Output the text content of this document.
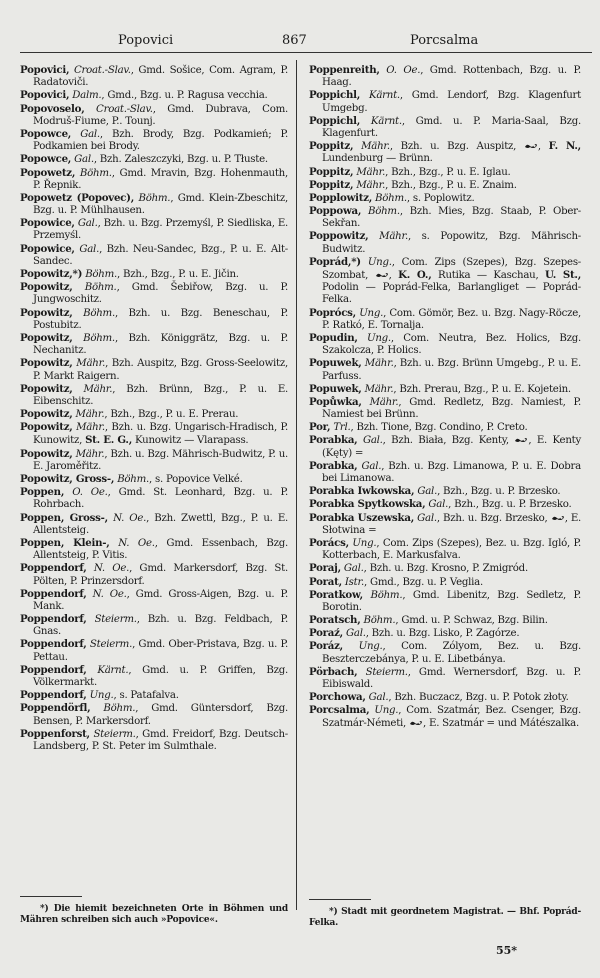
Popovici	867	Porcsalma

Popovici, Croat.-Slav., Gmd. Sošice, Com. Agram, P. Radatoviči.

Popovici, Dalm., Gmd., Bzg. u. P. Ragusa vecchia.

Popovoselo, Croat.-Slav., Gmd. Dubrava, Com. Modruš-Fiume, P.. Tounj.

Popowce, Gal., Bzh. Brody, Bzg. Podkamień; P. Podkamien bei Brody.

Popowce, Gal., Bzh. Zaleszczyki, Bzg. u. P. Tłuste.

Popowetz, Böhm., Gmd. Mravin, Bzg. Hohenmauth, P. Řepnik.

Popowetz (Popovec), Böhm., Gmd. Klein-Zbeschitz, Bzg. u. P. Mühlhausen.

Popowice, Gal., Bzh. u. Bzg. Przemyśl, P. Siedliska, E. Przemyśl.

Popowice, Gal., Bzh. Neu-Sandec, Bzg., P. u. E. Alt-Sandec.

Popowitz,*) Böhm., Bzh., Bzg., P. u. E. Jičin.

Popowitz, Böhm., Gmd. Šebiřow, Bzg. u. P. Jungwoschitz.

Popowitz, Böhm., Bzh. u. Bzg. Beneschau, P. Postubitz.

Popowitz, Böhm., Bzh. Königgrätz, Bzg. u. P. Nechanitz.

Popowitz, Mähr., Bzh. Auspitz, Bzg. Gross-Seelowitz, P. Markt Raigern.

Popowitz, Mähr., Bzh. Brünn, Bzg., P. u. E. Eibenschitz.

Popowitz, Mähr., Bzh., Bzg., P. u. E. Prerau.

Popowitz, Mähr., Bzh. u. Bzg. Ungarisch-Hradisch, P. Kunowitz, St. E. G., Kunowitz — Vlarapass.

Popowitz, Mähr., Bzh. u. Bzg. Mährisch-Budwitz, P. u. E. Jaroměřitz.

Popowitz, Gross-, Böhm., s. Popovice Velké.

Poppen, O. Oe., Gmd. St. Leonhard, Bzg. u. P. Rohrbach.

Poppen, Gross-, N. Oe., Bzh. Zwettl, Bzg., P. u. E. Allentsteig.

Poppen, Klein-, N. Oe., Gmd. Essenbach, Bzg. Allentsteig, P. Vitis.

Poppendorf, N. Oe., Gmd. Markersdorf, Bzg. St. Pölten, P. Prinzersdorf.

Poppendorf, N. Oe., Gmd. Gross-Aigen, Bzg. u. P. Mank.

Poppendorf, Steierm., Bzh. u. Bzg. Feldbach, P. Gnas.

Poppendorf, Steierm., Gmd. Ober-Pristava, Bzg. u. P. Pettau.

Poppendorf, Kärnt., Gmd. u. P. Griffen, Bzg. Völkermarkt.

Poppendorf, Ung., s. Patafalva.

Poppendörfl, Böhm., Gmd. Güntersdorf, Bzg. Bensen, P. Markersdorf.

Poppenforst, Steierm., Gmd. Freidorf, Bzg. Deutsch-Landsberg, P. St. Peter im Sulmthale.

Poppenreith, O. Oe., Gmd. Rottenbach, Bzg. u. P. Haag.

Poppichl, Kärnt., Gmd. Lendorf, Bzg. Klagenfurt Umgebg.

Poppichl, Kärnt., Gmd. u. P. Maria-Saal, Bzg. Klagenfurt.

Poppitz, Mähr., Bzh. u. Bzg. Auspitz, , F. N., Lundenburg — Brünn.

Poppitz, Mähr., Bzh., Bzg., P. u. E. Iglau.

Poppitz, Mähr., Bzh., Bzg., P. u. E. Znaim.

Popplowitz, Böhm., s. Poplowitz.

Poppowa, Böhm., Bzh. Mies, Bzg. Staab, P. Ober-Sekřan.

Poppowitz, Mähr., s. Popowitz, Bzg. Mährisch-Budwitz.

Poprád,*) Ung., Com. Zips (Szepes), Bzg. Szepes-Szombat, , K. O., Rutika — Kaschau, U. St., Podolin — Poprád-Felka, Barlangliget — Poprád-Felka.

Poprócs, Ung., Com. Gömör, Bez. u. Bzg. Nagy-Röcze, P. Ratkó, E. Tornalja.

Popudin, Ung., Com. Neutra, Bez. Holics, Bzg. Szakolcza, P. Holics.

Popuwek, Mähr., Bzh. u. Bzg. Brünn Umgebg., P. u. E. Parfuss.

Popuwek, Mähr., Bzh. Prerau, Bzg., P. u. E. Kojetein.

Popůwka, Mähr., Gmd. Redletz, Bzg. Namiest, P. Namiest bei Brünn.

Por, Trl., Bzh. Tione, Bzg. Condino, P. Creto.

Porabka, Gal., Bzh. Biała, Bzg. Kenty, , E. Kenty (Kęty) =

Porabka, Gal., Bzh. u. Bzg. Limanowa, P. u. E. Dobra bei Limanowa.

Porabka Iwkowska, Gal., Bzh., Bzg. u. P. Brzesko.

Porabka Spytkowska, Gal., Bzh., Bzg. u. P. Brzesko.

Porabka Uszewska, Gal., Bzh. u. Bzg. Brzesko, , E. Słotwina =

Porács, Ung., Com. Zips (Szepes), Bez. u. Bzg. Igló, P. Kotterbach, E. Markusfalva.

Poraj, Gal., Bzh. u. Bzg. Krosno, P. Zmigród.

Porat, Istr., Gmd., Bzg. u. P. Veglia.

Poratkow, Böhm., Gmd. Libenitz, Bzg. Sedletz, P. Borotin.

Poratsch, Böhm., Gmd. u. P. Schwaz, Bzg. Bilin.

Poraź, Gal., Bzh. u. Bzg. Lisko, P. Zagórze.

Poráz, Ung., Com. Zólyom, Bez. u. Bzg. Beszterczebánya, P. u. E. Libetbánya.

Pörbach, Steierm., Gmd. Wernersdorf, Bzg. u. P. Eibiswald.

Porchowa, Gal., Bzh. Buczacz, Bzg. u. P. Potok złoty.

Porcsalma, Ung., Com. Szatmár, Bez. Csenger, Bzg. Szatmár-Németi, , E. Szatmár = und Mátészalka.

*) Die hiemit bezeichneten Orte in Böhmen und Mähren schreiben sich auch »Popovice«.
*) Stadt mit geordnetem Magistrat. — Bhf. Poprád-Felka.
55*
